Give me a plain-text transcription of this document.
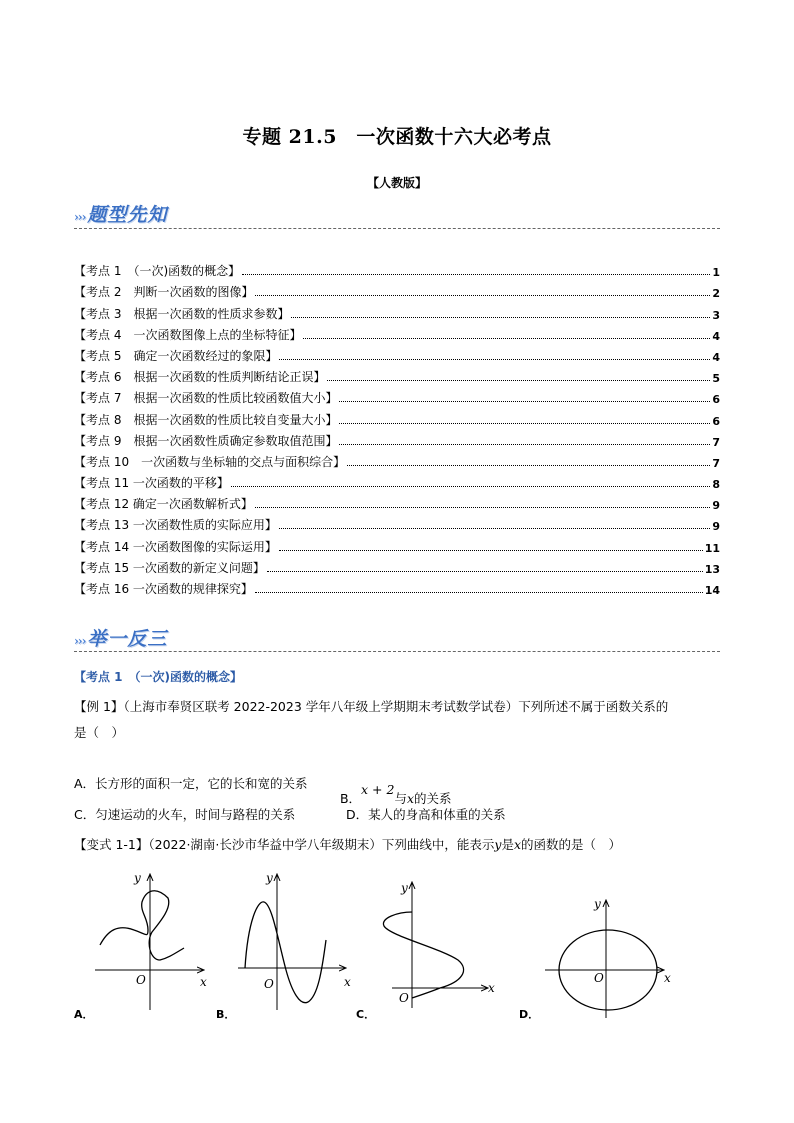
专题 21.5　一次函数十六大必考点
【人教版】
››› 题型先知
【考点 1　（一次)函数的概念】	1
【考点 2　判断一次函数的图像】	2
【考点 3　根据一次函数的性质求参数】	3
【考点 4　一次函数图像上点的坐标特征】	4
【考点 5　确定一次函数经过的象限】	4
【考点 6　根据一次函数的性质判断结论正误】	5
【考点 7　根据一次函数的性质比较函数值大小】	6
【考点 8　根据一次函数的性质比较自变量大小】	6
【考点 9　根据一次函数性质确定参数取值范围】	7
【考点 10　一次函数与坐标轴的交点与面积综合】	7
【考点 11 一次函数的平移】	8
【考点 12 确定一次函数解析式】	9
【考点 13 一次函数性质的实际应用】	9
【考点 14 一次函数图像的实际运用】	11
【考点 15 一次函数的新定义问题】	13
【考点 16 一次函数的规律探究】	14
››› 举一反三
【考点 1　（一次)函数的概念】
【例 1】（上海市奉贤区联考 2022-2023 学年八年级上学期期末考试数学试卷）下列所述不属于函数关系的
是（　）
A．长方形的面积一定，它的长和宽的关系

B．x + 2与x的关系

C．匀速运动的火车，时间与路程的关系	D．某人的身高和体重的关系
【变式 1-1】（2022·湖南·长沙市华益中学八年级期末）下列曲线中，能表示y是x的函数的是（　）
O	x
y
A．
O	x
y
B．
O
x
y
C．
O	x
y
D．
